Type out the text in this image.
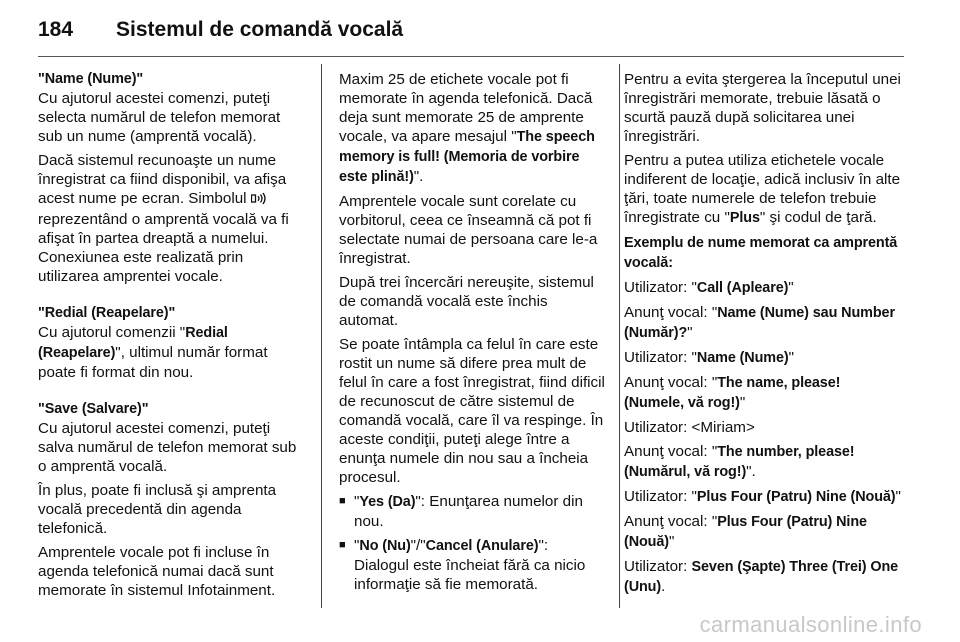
184 Sistemul de comandă vocală
"Name (Nume)"

Cu ajutorul acestei comenzi, puteţi selecta numărul de telefon memorat sub un nume (amprentă vocală).

Dacă sistemul recunoaşte un nume înregistrat ca fiind disponibil, va afişa acest nume pe ecran. Simbolul  reprezentând o amprentă vocală va fi afişat în partea dreaptă a numelui. Conexiunea este realizată prin utilizarea amprentei vocale.

"Redial (Reapelare)"

Cu ajutorul comenzii "Redial (Reapelare)", ultimul număr format poate fi format din nou.

"Save (Salvare)"

Cu ajutorul acestei comenzi, puteţi salva numărul de telefon memorat sub o amprentă vocală.

În plus, poate fi inclusă şi amprenta vocală precedentă din agenda telefonică.

Amprentele vocale pot fi incluse în agenda telefonică numai dacă sunt memorate în sistemul Infotainment.

Maxim 25 de etichete vocale pot fi memorate în agenda telefonică. Dacă deja sunt memorate 25 de amprente vocale, va apare mesajul "The speech memory is full! (Memoria de vorbire este plină!)".

Amprentele vocale sunt corelate cu vorbitorul, ceea ce înseamnă că pot fi selectate numai de persoana care le-a înregistrat.

După trei încercări nereuşite, sistemul de comandă vocală este închis automat.

Se poate întâmpla ca felul în care este rostit un nume să difere prea mult de felul în care a fost înregistrat, fiind dificil de recunoscut de către sistemul de comandă vocală, care îl va respinge. În aceste condiţii, puteţi alege între a enunţa numele din nou sau a încheia procesul.

■ "Yes (Da)": Enunţarea numelor din nou.
■ "No (Nu)"/"Cancel (Anulare)": Dialogul este încheiat fără ca nicio informaţie să fie memorată.

Pentru a evita ştergerea la începutul unei înregistrări memorate, trebuie lăsată o scurtă pauză după solicitarea unei înregistrări.

Pentru a putea utiliza etichetele vocale indiferent de locaţie, adică inclusiv în alte ţări, toate numerele de telefon trebuie înregistrate cu "Plus" şi codul de ţară.

Exemplu de nume memorat ca amprentă vocală:

Utilizator: "Call (Apleare)"

Anunţ vocal: "Name (Nume) sau Number (Număr)?"

Utilizator: "Name (Nume)"

Anunţ vocal: "The name, please! (Numele, vă rog!)"

Utilizator: <Miriam>

Anunţ vocal: "The number, please! (Numărul, vă rog!)".

Utilizator: "Plus Four (Patru) Nine (Nouă)"

Anunţ vocal: "Plus Four (Patru) Nine (Nouă)"

Utilizator: Seven (Şapte) Three (Trei) One (Unu).

carmanualsonline.info
